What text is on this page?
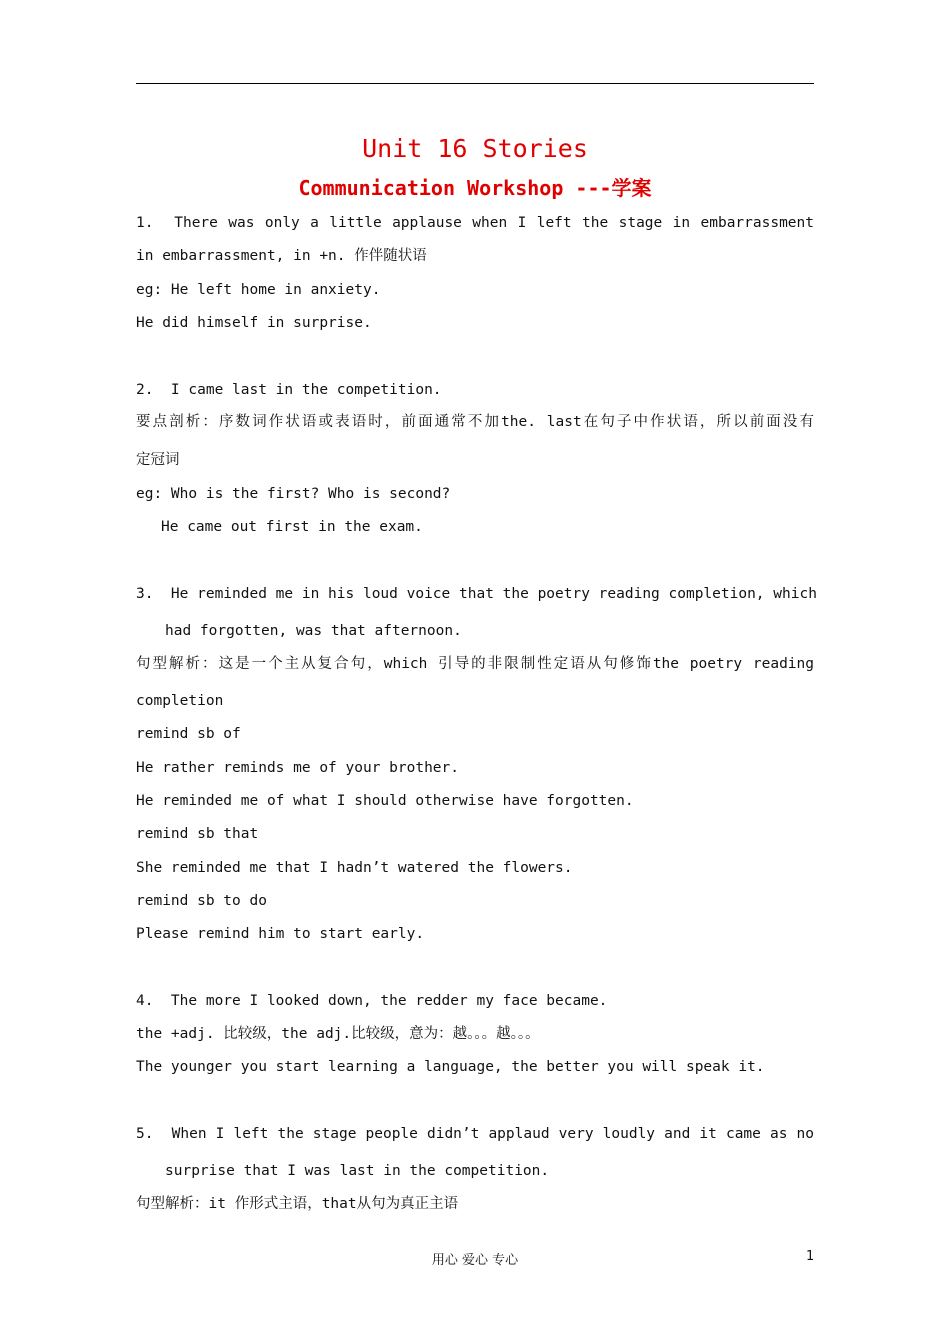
Unit 16 Stories
Communication Workshop ---学案
1.  There was only a little applause when I left the stage in embarrassment
in embarrassment, in +n. 作伴随状语
eg: He left home in anxiety.
He did himself in surprise.
2.  I came last in the competition.
要点剖析：序数词作状语或表语时，前面通常不加the. last在句子中作状语，所以前面没有
定冠词
eg: Who is the first? Who is second?
He came out first in the exam.
3.  He reminded me in his loud voice that the poetry reading completion, which
had forgotten, was that afternoon.
句型解析：这是一个主从复合句，which 引导的非限制性定语从句修饰the poetry reading
completion
remind sb of
He rather reminds me of your brother.
He reminded me of what I should otherwise have forgotten.
remind sb that
She reminded me that I hadn’t watered the flowers.
remind sb to do
Please remind him to start early.
4.  The more I looked down, the redder my face became.
the +adj. 比较级，the adj.比较级，意为：越。。。越。。。
The younger you start learning a language, the better you will speak it.
5.  When I left the stage people didn’t applaud very loudly and it came as no
surprise that I was last in the competition.
句型解析：it 作形式主语，that从句为真正主语
用心 爱心 专心	1
